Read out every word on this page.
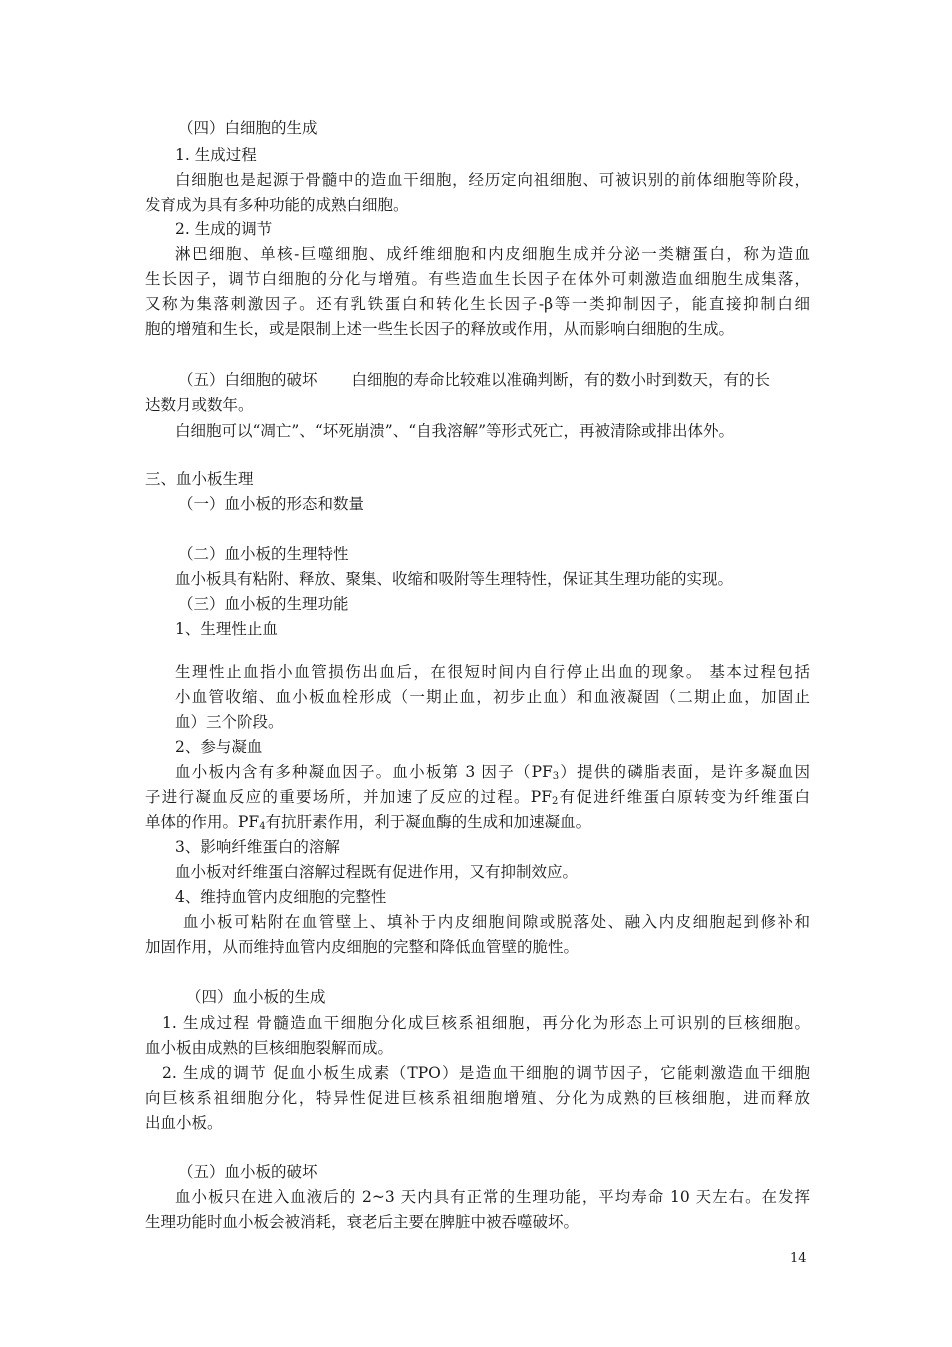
（四）白细胞的生成
1. 生成过程
白细胞也是起源于骨髓中的造血干细胞，经历定向祖细胞、可被识别的前体细胞等阶段，
发育成为具有多种功能的成熟白细胞。
2. 生成的调节
淋巴细胞、单核-巨噬细胞、成纤维细胞和内皮细胞生成并分泌一类糖蛋白，称为造血
生长因子，调节白细胞的分化与增殖。有些造血生长因子在体外可刺激造血细胞生成集落，
又称为集落刺激因子。还有乳铁蛋白和转化生长因子-β等一类抑制因子，能直接抑制白细
胞的增殖和生长，或是限制上述一些生长因子的释放或作用，从而影响白细胞的生成。
（五）白细胞的破坏 白细胞的寿命比较难以准确判断，有的数小时到数天，有的长
达数月或数年。
白细胞可以“凋亡”、“坏死崩溃”、“自我溶解”等形式死亡，再被清除或排出体外。
三、血小板生理
（一）血小板的形态和数量
（二）血小板的生理特性
血小板具有粘附、释放、聚集、收缩和吸附等生理特性，保证其生理功能的实现。
（三）血小板的生理功能
1、生理性止血
生理性止血指小血管损伤出血后，在很短时间内自行停止出血的现象。 基本过程包括
小血管收缩、血小板血栓形成（一期止血，初步止血）和血液凝固（二期止血，加固止
血）三个阶段。
2、参与凝血
血小板内含有多种凝血因子。血小板第 3 因子$(PF_3)$提供的磷脂表面，是许多凝血因
子进行凝血反应的重要场所，并加速了反应的过程。$PF_2$有促进纤维蛋白原转变为纤维蛋白
单体的作用。$PF_4$有抗肝素作用，利于凝血酶的生成和加速凝血。
3、影响纤维蛋白的溶解
血小板对纤维蛋白溶解过程既有促进作用，又有抑制效应。
4、维持血管内皮细胞的完整性
血小板可粘附在血管壁上、填补于内皮细胞间隙或脱落处、融入内皮细胞起到修补和
加固作用，从而维持血管内皮细胞的完整和降低血管壁的脆性。
（四）血小板的生成
1. 生成过程 骨髓造血干细胞分化成巨核系祖细胞，再分化为形态上可识别的巨核细胞。
血小板由成熟的巨核细胞裂解而成。
2. 生成的调节 促血小板生成素（TPO）是造血干细胞的调节因子，它能刺激造血干细胞
向巨核系祖细胞分化，特异性促进巨核系祖细胞增殖、分化为成熟的巨核细胞，进而释放
出血小板。
（五）血小板的破坏
血小板只在进入血液后的 2~3 天内具有正常的生理功能，平均寿命 10 天左右。在发挥
生理功能时血小板会被消耗，衰老后主要在脾脏中被吞噬破坏。
14
